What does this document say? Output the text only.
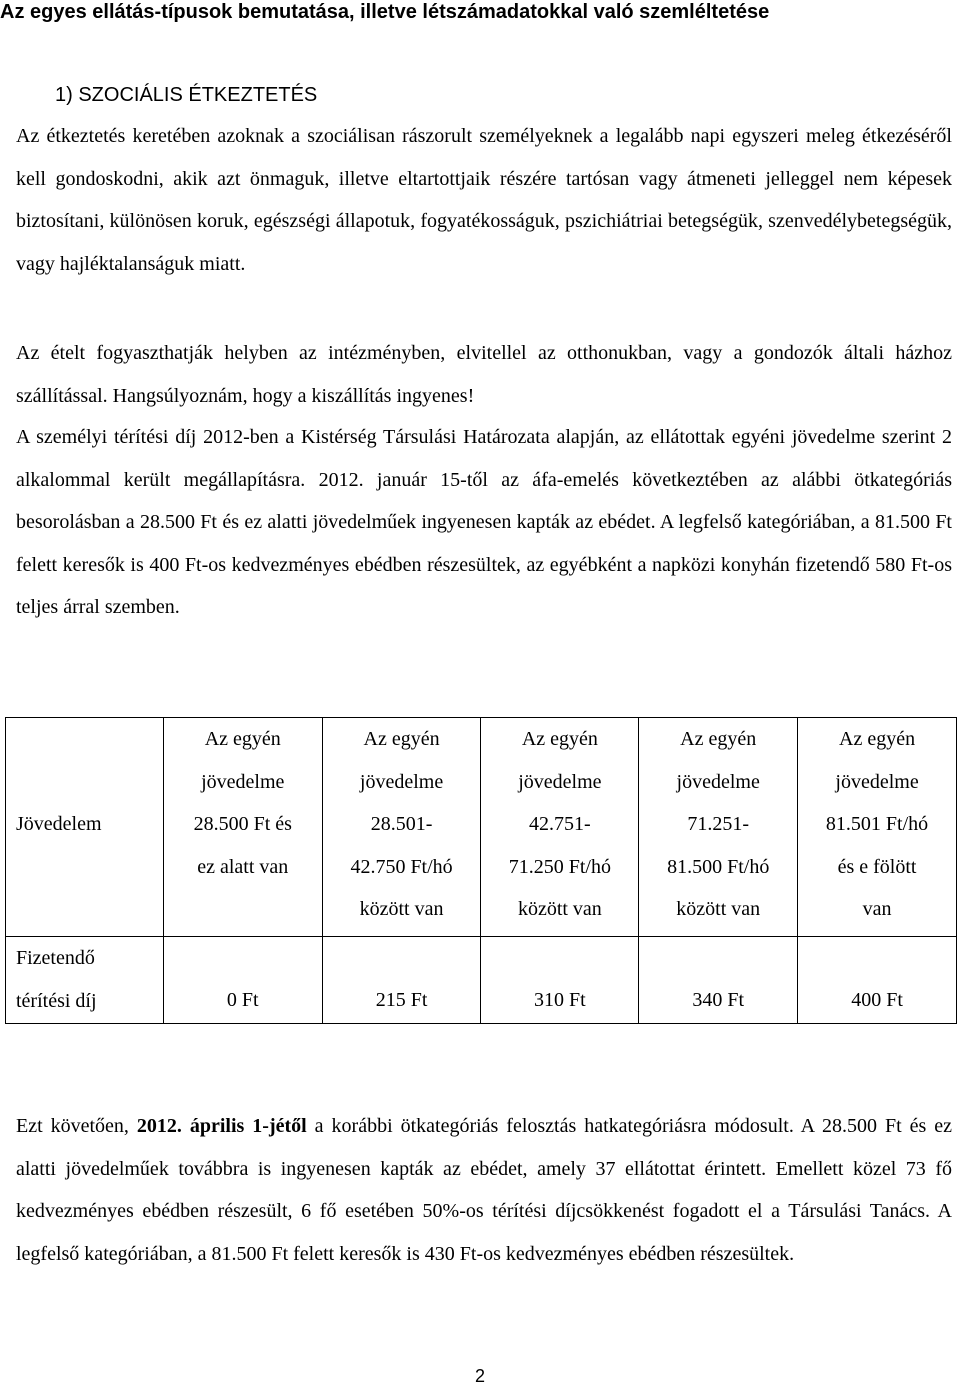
Az egyes ellátás-típusok bemutatása, illetve létszámadatokkal való szemléltetése
1) SZOCIÁLIS ÉTKEZTETÉS
Az étkeztetés keretében azoknak a szociálisan rászorult személyeknek a legalább napi egyszeri meleg étkezéséről kell gondoskodni, akik azt önmaguk, illetve eltartottjaik részére tartósan vagy átmeneti jelleggel nem képesek biztosítani, különösen koruk, egészségi állapotuk, fogyatékosságuk, pszichiátriai betegségük, szenvedélybetegségük, vagy hajléktalanságuk miatt.
Az ételt fogyaszthatják helyben az intézményben, elvitellel az otthonukban, vagy a gondozók általi házhoz szállítással. Hangsúlyoznám, hogy a kiszállítás ingyenes!
A személyi térítési díj 2012-ben a Kistérség Társulási Határozata alapján, az ellátottak egyéni jövedelme szerint 2 alkalommal került megállapításra. 2012. január 15-től az áfa-emelés következtében az alábbi ötkategóriás besorolásban a 28.500 Ft és ez alatti jövedelműek ingyenesen kapták az ebédet. A legfelső kategóriában, a 81.500 Ft felett keresők is 400 Ft-os kedvezményes ebédben részesültek, az egyébként a napközi konyhán fizetendő 580 Ft-os teljes árral szemben.
Jövedelem	Az egyén
jövedelme
28.500 Ft és
ez alatt van	Az egyén
jövedelme
28.501-
42.750 Ft/hó
között van	Az egyén
jövedelme
42.751-
71.250 Ft/hó
között van	Az egyén
jövedelme
71.251-
81.500 Ft/hó
között van	Az egyén
jövedelme
81.501 Ft/hó
és e fölött
van

Fizetendő
térítési díj	0 Ft	215 Ft	310 Ft	340 Ft	400 Ft
Ezt követően, 2012. április 1-jétől a korábbi ötkategóriás felosztás hatkategóriásra módosult. A 28.500 Ft és ez alatti jövedelműek továbbra is ingyenesen kapták az ebédet, amely 37 ellátottat érintett. Emellett közel 73 fő kedvezményes ebédben részesült, 6 fő esetében 50%-os térítési díjcsökkenést fogadott el a Társulási Tanács. A legfelső kategóriában, a 81.500 Ft felett keresők is 430 Ft-os kedvezményes ebédben részesültek.
2
